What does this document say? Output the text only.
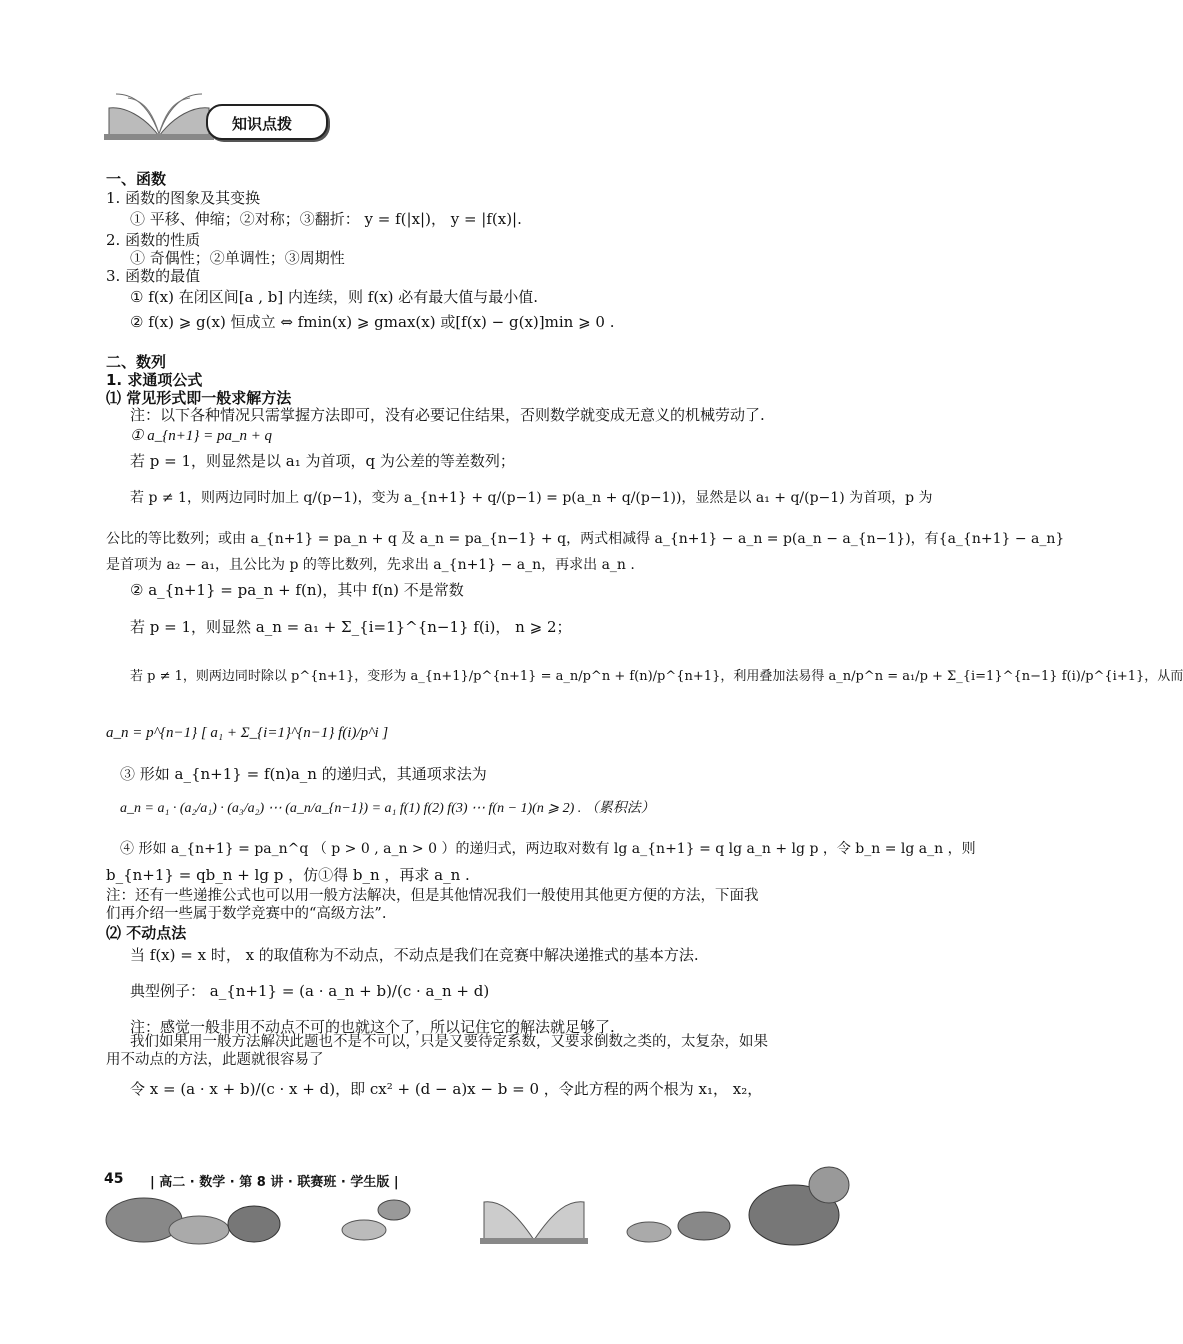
知识点拨
一、函数
1. 函数的图象及其变换
① 平移、伸缩；②对称；③翻折： y = f(|x|)， y = |f(x)|.
2. 函数的性质
① 奇偶性；②单调性；③周期性
3. 函数的最值
① f(x) 在闭区间[a , b] 内连续，则 f(x) 必有最大值与最小值.
② f(x) ⩾ g(x) 恒成立 ⇔ fmin(x) ⩾ gmax(x) 或[f(x) − g(x)]min ⩾ 0 .
二、数列
1. 求通项公式
⑴ 常见形式即一般求解方法
注：以下各种情况只需掌握方法即可，没有必要记住结果，否则数学就变成无意义的机械劳动了.
① a_{n+1} = pa_n + q
若 p = 1，则显然是以 a₁ 为首项，q 为公差的等差数列；
若 p ≠ 1，则两边同时加上 q/(p−1)，变为 a_{n+1} + q/(p−1) = p(a_n + q/(p−1))，显然是以 a₁ + q/(p−1) 为首项，p 为
公比的等比数列；或由 a_{n+1} = pa_n + q 及 a_n = pa_{n−1} + q，两式相减得 a_{n+1} − a_n = p(a_n − a_{n−1})，有{a_{n+1} − a_n}
是首项为 a₂ − a₁，且公比为 p 的等比数列，先求出 a_{n+1} − a_n，再求出 a_n .
② a_{n+1} = pa_n + f(n)，其中 f(n) 不是常数
若 p = 1，则显然 a_n = a₁ + Σ_{i=1}^{n−1} f(i)， n ⩾ 2；
若 p ≠ 1，则两边同时除以 p^{n+1}，变形为 a_{n+1}/p^{n+1} = a_n/p^n + f(n)/p^{n+1}，利用叠加法易得 a_n/p^n = a₁/p + Σ_{i=1}^{n−1} f(i)/p^{i+1}，从而
a_n = p^{n−1} [ a₁ + Σ_{i=1}^{n−1} f(i)/p^i ]
③ 形如 a_{n+1} = f(n)a_n 的递归式，其通项求法为
a_n = a₁ · (a₂/a₁) · (a₃/a₂) ⋯ (a_n/a_{n−1}) = a₁ f(1) f(2) f(3) ⋯ f(n − 1)(n ⩾ 2) . （累积法）
④ 形如 a_{n+1} = pa_n^q （ p > 0 , a_n > 0 ）的递归式，两边取对数有 lg a_{n+1} = q lg a_n + lg p ，令 b_n = lg a_n ，则
b_{n+1} = qb_n + lg p ，仿①得 b_n ，再求 a_n .
注：还有一些递推公式也可以用一般方法解决，但是其他情况我们一般使用其他更方便的方法，下面我
们再介绍一些属于数学竞赛中的“高级方法”.
⑵ 不动点法
当 f(x) = x 时， x 的取值称为不动点，不动点是我们在竞赛中解决递推式的基本方法.
典型例子： a_{n+1} = (a · a_n + b)/(c · a_n + d)
注：感觉一般非用不动点不可的也就这个了，所以记住它的解法就足够了.
我们如果用一般方法解决此题也不是不可以，只是又要待定系数，又要求倒数之类的，太复杂，如果
用不动点的方法，此题就很容易了
令 x = (a · x + b)/(c · x + d)，即 cx² + (d − a)x − b = 0 ，令此方程的两个根为 x₁， x₂，
45 | 高二 · 数学 · 第 8 讲 · 联赛班 · 学生版 |
